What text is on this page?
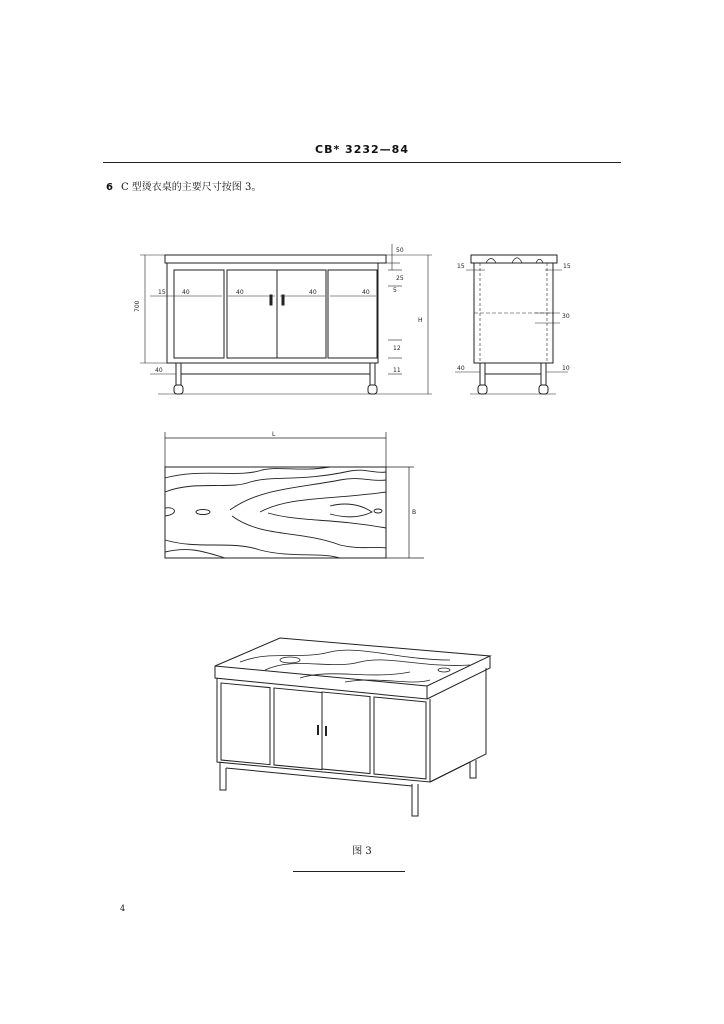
CB* 3232—84
6 C 型烫衣桌的主要尺寸按图 3。
50
25
15	40	40	40	40	5
700
H
12
40	11
15	15
30
40	10
L
B
图 3
4
